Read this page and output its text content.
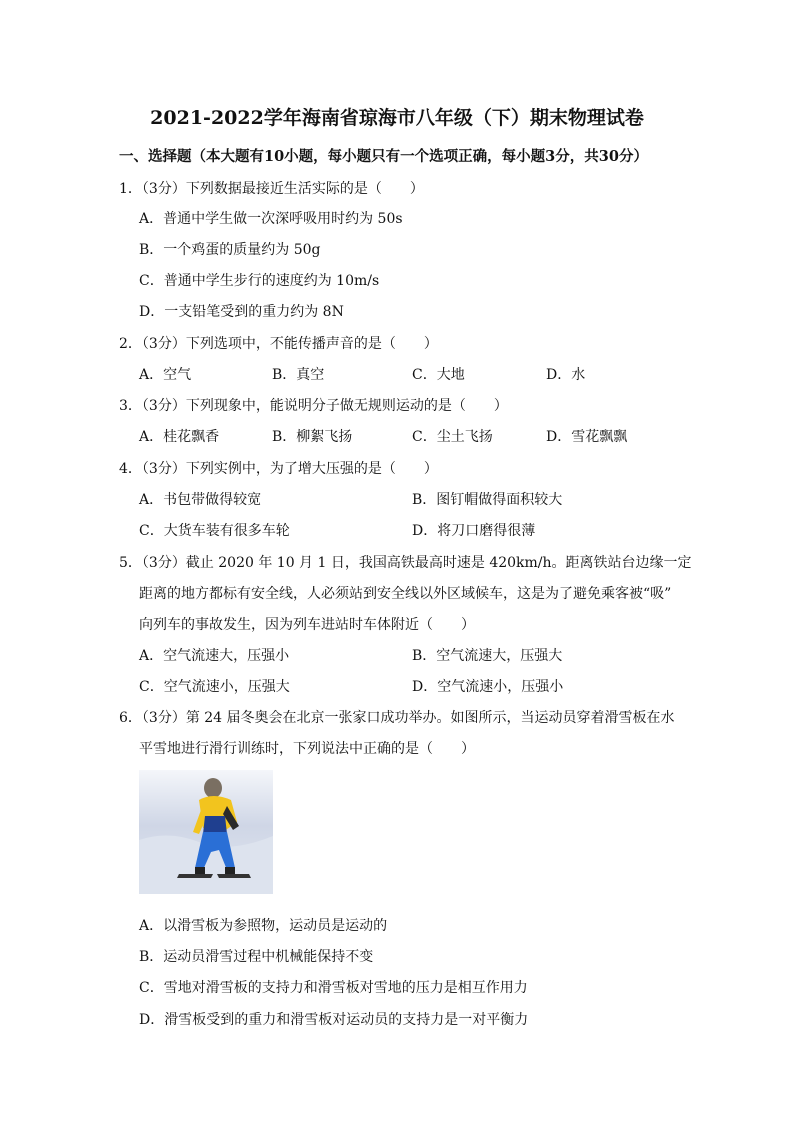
2021-2022学年海南省琼海市八年级（下）期末物理试卷
一、选择题（本大题有10小题，每小题只有一个选项正确，每小题3分，共30分）
1．（3分）下列数据最接近生活实际的是（　　）
A．普通中学生做一次深呼吸用时约为 50s
B．一个鸡蛋的质量约为 50g
C．普通中学生步行的速度约为 10m/s
D．一支铅笔受到的重力约为 8N
2．（3分）下列选项中，不能传播声音的是（　　）
A．空气	B．真空	C．大地	D．水
3．（3分）下列现象中，能说明分子做无规则运动的是（　　）
A．桂花飘香	B．柳絮飞扬	C．尘土飞扬	D．雪花飘飘
4．（3分）下列实例中，为了增大压强的是（　　）
A．书包带做得较宽	B．图钉帽做得面积较大
C．大货车装有很多车轮	D．将刀口磨得很薄
5．（3分）截止 2020 年 10 月 1 日，我国高铁最高时速是 420km/h。距离铁站台边缘一定
距离的地方都标有安全线，人必须站到安全线以外区域候车，这是为了避免乘客被“吸”
向列车的事故发生，因为列车进站时车体附近（　　）
A．空气流速大，压强小	B．空气流速大，压强大
C．空气流速小，压强大	D．空气流速小，压强小
6．（3分）第 24 届冬奥会在北京一张家口成功举办。如图所示，当运动员穿着滑雪板在水
平雪地进行滑行训练时，下列说法中正确的是（　　）
A．以滑雪板为参照物，运动员是运动的
B．运动员滑雪过程中机械能保持不变
C．雪地对滑雪板的支持力和滑雪板对雪地的压力是相互作用力
D．滑雪板受到的重力和滑雪板对运动员的支持力是一对平衡力
